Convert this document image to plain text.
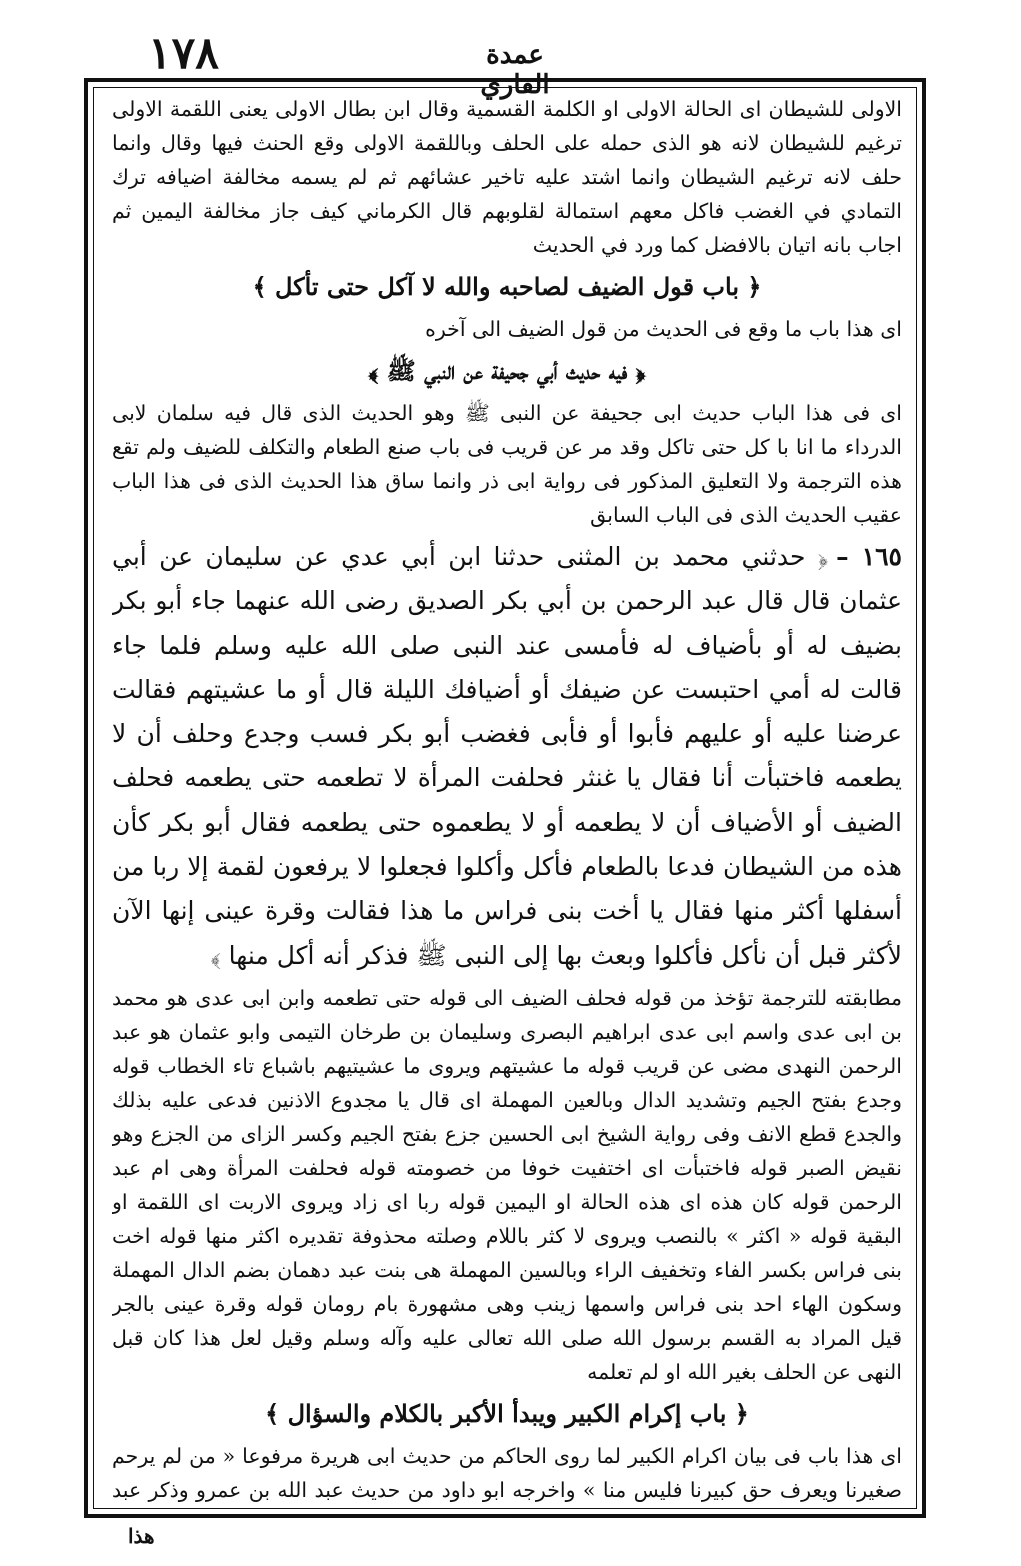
١٧٨	عمدة القاري

الاولى للشيطان اى الحالة الاولى او الكلمة القسمية وقال ابن بطال الاولى يعنى اللقمة الاولى ترغيم للشيطان لانه هو الذى حمله على الحلف وباللقمة الاولى وقع الحنث فيها وقال وانما حلف لانه ترغيم الشيطان وانما اشتد عليه تاخير عشائهم ثم لم يسمه مخالفة اضيافه ترك التمادي في الغضب فاكل معهم استمالة لقلوبهم قال الكرماني كيف جاز مخالفة اليمين ثم اجاب بانه اتيان بالافضل كما ورد في الحديث

﴿ باب قول الضيف لصاحبه والله لا آكل حتى تأكل ﴾

اى هذا باب ما وقع فى الحديث من قول الضيف الى آخره

﴿ فيه حديث أبي جحيفة عن النبي ﷺ ﴾

اى فى هذا الباب حديث ابى جحيفة عن النبى ﷺ وهو الحديث الذى قال فيه سلمان لابى الدرداء ما انا با كل حتى تاكل وقد مر عن قريب فى باب صنع الطعام والتكلف للضيف ولم تقع هذه الترجمة ولا التعليق المذكور فى رواية ابى ذر وانما ساق هذا الحديث الذى فى هذا الباب عقيب الحديث الذى فى الباب السابق

١٦٥ –﴿ حدثني محمد بن المثنى حدثنا ابن أبي عدي عن سليمان عن أبي عثمان قال قال عبد الرحمن بن أبي بكر الصديق رضى الله عنهما جاء أبو بكر بضيف له أو بأضياف له فأمسى عند النبى صلى الله عليه وسلم فلما جاء قالت له أمي احتبست عن ضيفك أو أضيافك الليلة قال أو ما عشيتهم فقالت عرضنا عليه أو عليهم فأبوا أو فأبى فغضب أبو بكر فسب وجدع وحلف أن لا يطعمه فاختبأت أنا فقال يا غنثر فحلفت المرأة لا تطعمه حتى يطعمه فحلف الضيف أو الأضياف أن لا يطعمه أو لا يطعموه حتى يطعمه فقال أبو بكر كأن هذه من الشيطان فدعا بالطعام فأكل وأكلوا فجعلوا لا يرفعون لقمة إلا ربا من أسفلها أكثر منها فقال يا أخت بنى فراس ما هذا فقالت وقرة عينى إنها الآن لأكثر قبل أن نأكل فأكلوا وبعث بها إلى النبى ﷺ فذكر أنه أكل منها ﴾

مطابقته للترجمة تؤخذ من قوله فحلف الضيف الى قوله حتى تطعمه وابن ابى عدى هو محمد بن ابى عدى واسم ابى عدى ابراهيم البصرى وسليمان بن طرخان التيمى وابو عثمان هو عبد الرحمن النهدى مضى عن قريب قوله ما عشيتهم ويروى ما عشيتيهم باشباع تاء الخطاب قوله وجدع بفتح الجيم وتشديد الدال وبالعين المهملة اى قال يا مجدوع الاذنين فدعى عليه بذلك والجدع قطع الانف وفى رواية الشيخ ابى الحسين جزع بفتح الجيم وكسر الزاى من الجزع وهو نقيض الصبر قوله فاختبأت اى اختفيت خوفا من خصومته قوله فحلفت المرأة وهى ام عبد الرحمن قوله كان هذه اى هذه الحالة او اليمين قوله ربا اى زاد ويروى الاربت اى اللقمة او البقية قوله « اكثر » بالنصب ويروى لا كثر باللام وصلته محذوفة تقديره اكثر منها قوله اخت بنى فراس بكسر الفاء وتخفيف الراء وبالسين المهملة هى بنت عبد دهمان بضم الدال المهملة وسكون الهاء احد بنى فراس واسمها زينب وهى مشهورة بام رومان قوله وقرة عينى بالجر قيل المراد به القسم برسول الله صلى الله تعالى عليه وآله وسلم وقيل لعل هذا كان قبل النهى عن الحلف بغير الله او لم تعلمه

﴿ باب إكرام الكبير ويبدأ الأكبر بالكلام والسؤال ﴾

اى هذا باب فى بيان اكرام الكبير لما روى الحاكم من حديث ابى هريرة مرفوعا « من لم يرحم صغيرنا ويعرف حق كبيرنا فليس منا » واخرجه ابو داود من حديث عبد الله بن عمرو وذكر عبد

هذا
